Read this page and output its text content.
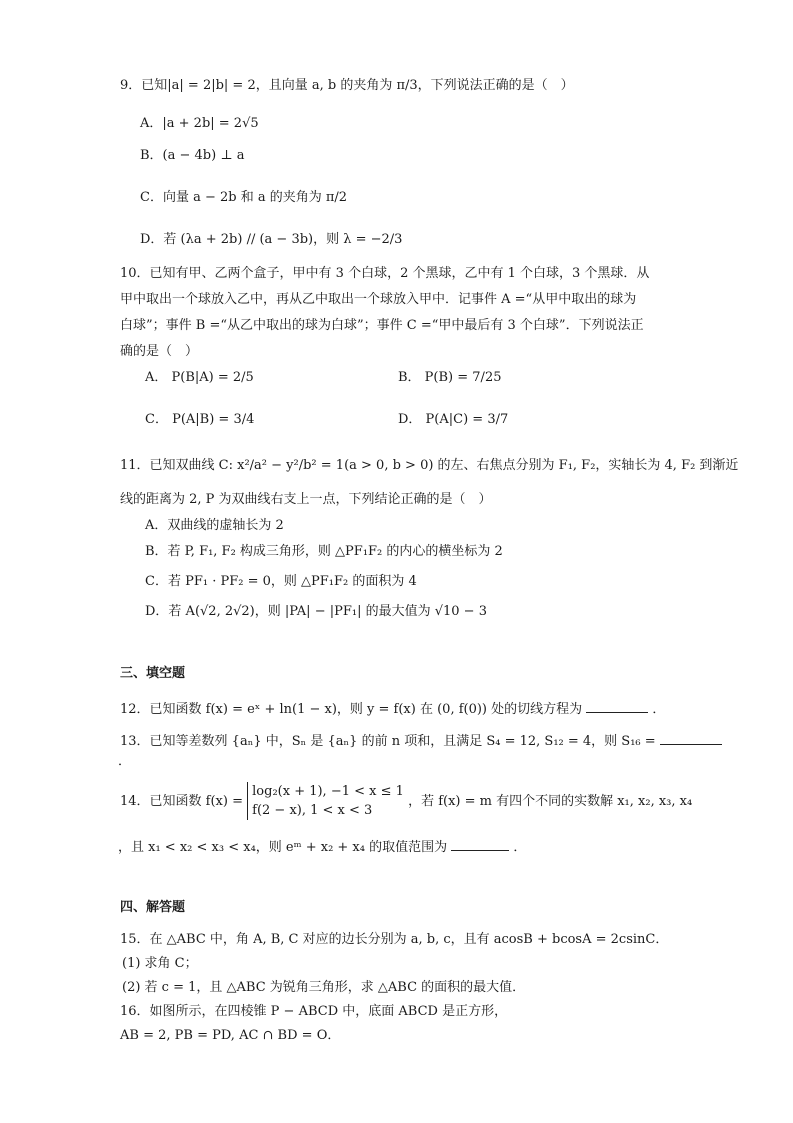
9．已知|a| = 2|b| = 2，且向量 a, b 的夹角为 π/3，下列说法正确的是（　）
A．|a + 2b| = 2√5
B．(a − 4b) ⊥ a
C．向量 a − 2b 和 a 的夹角为 π/2
D．若 (λa + 2b) // (a − 3b)，则 λ = −2/3
10．已知有甲、乙两个盒子，甲中有 3 个白球，2 个黑球，乙中有 1 个白球，3 个黑球．从
甲中取出一个球放入乙中，再从乙中取出一个球放入甲中．记事件 A =“从甲中取出的球为
白球”；事件 B =“从乙中取出的球为白球”；事件 C =“甲中最后有 3 个白球”．下列说法正
确的是（　）
A． P(B|A) = 2/5	B． P(B) = 7/25
C． P(A|B) = 3/4	D． P(A|C) = 3/7
11．已知双曲线 C: x²/a² − y²/b² = 1(a > 0, b > 0) 的左、右焦点分别为 F₁, F₂，实轴长为 4, F₂ 到渐近
线的距离为 2, P 为双曲线右支上一点，下列结论正确的是（　）
A．双曲线的虚轴长为 2
B．若 P, F₁, F₂ 构成三角形，则 △PF₁F₂ 的内心的横坐标为 2
C．若 PF₁ · PF₂ = 0，则 △PF₁F₂ 的面积为 4
D．若 A(√2, 2√2)，则 |PA| − |PF₁| 的最大值为 √10 − 3
三、填空题
12．已知函数 f(x) = eˣ + ln(1 − x)，则 y = f(x) 在 (0, f(0)) 处的切线方程为	．
13．已知等差数列 {aₙ} 中，Sₙ 是 {aₙ} 的前 n 项和，且满足 S₄ = 12, S₁₂ = 4，则 S₁₆ =
．
14．已知函数 f(x) =
log₂(x + 1), −1 < x ≤ 1
f(2 − x), 1 < x < 3
，若 f(x) = m 有四个不同的实数解 x₁, x₂, x₃, x₄
，且 x₁ < x₂ < x₃ < x₄，则 eᵐ + x₂ + x₄ 的取值范围为	．
四、解答题
15．在 △ABC 中，角 A, B, C 对应的边长分别为 a, b, c，且有 acosB + bcosA = 2csinC．
(1) 求角 C；
(2) 若 c = 1，且 △ABC 为锐角三角形，求 △ABC 的面积的最大值．
16．如图所示，在四棱锥 P − ABCD 中，底面 ABCD 是正方形，
AB = 2, PB = PD, AC ∩ BD = O．
